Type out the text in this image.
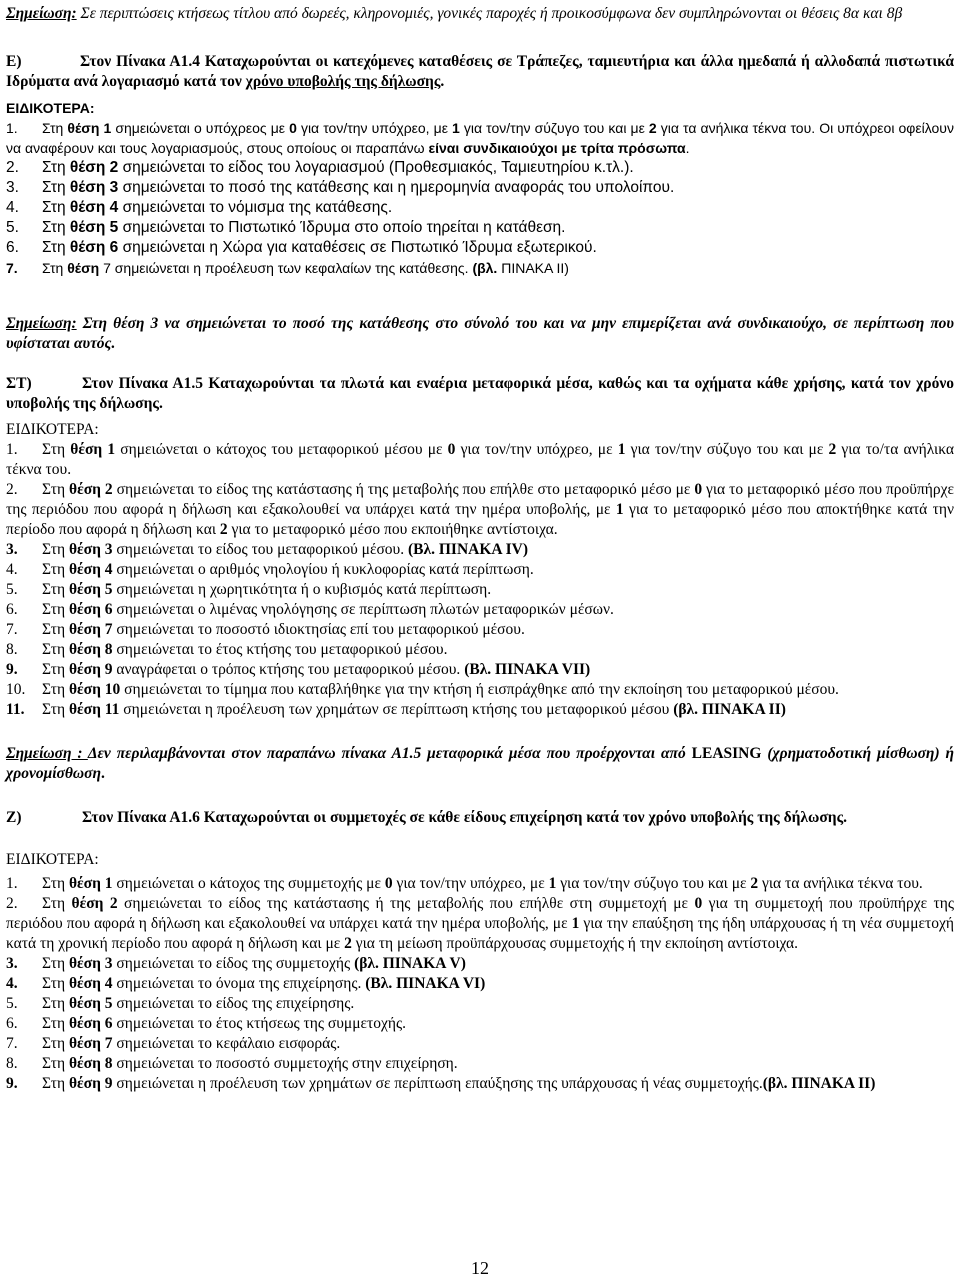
Σημείωση: Σε περιπτώσεις κτήσεως τίτλου από δωρεές, κληρονομιές, γονικές παροχές ή προικοσύμφωνα δεν συμπληρώνονται οι θέσεις 8α και 8β

Ε)	Στον Πίνακα Α1.4 Καταχωρούνται οι κατεχόμενες καταθέσεις σε Τράπεζες, ταμιευτήρια και άλλα ημεδαπά ή αλλοδαπά πιστωτικά Ιδρύματα ανά λογαριασμό κατά τον χρόνο υποβολής της δήλωσης.

ΕΙΔΙΚΟΤΕΡΑ:
1. Στη θέση 1 σημειώνεται ο υπόχρεος με 0 για τον/την υπόχρεο, με 1 για τον/την σύζυγο του και με 2 για τα ανήλικα τέκνα του. Οι υπόχρεοι οφείλουν να αναφέρουν και τους λογαριασμούς, στους οποίους οι παραπάνω είναι συνδικαιούχοι με τρίτα πρόσωπα.
2. Στη θέση 2 σημειώνεται το είδος του λογαριασμού (Προθεσμιακός, Ταμιευτηρίου κ.τλ.).
3. Στη θέση 3 σημειώνεται το ποσό της κατάθεσης και η ημερομηνία αναφοράς του υπολοίπου.
4. Στη θέση 4 σημειώνεται το νόμισμα της κατάθεσης.
5. Στη θέση 5 σημειώνεται το Πιστωτικό Ίδρυμα στο οποίο τηρείται η κατάθεση.
6. Στη θέση 6 σημειώνεται η Χώρα για καταθέσεις σε Πιστωτικό Ίδρυμα εξωτερικού.
7. Στη θέση 7 σημειώνεται η προέλευση των κεφαλαίων της κατάθεσης. (βλ. ΠΙΝΑΚΑ ΙΙ)

Σημείωση: Στη θέση 3 να σημειώνεται το ποσό της κατάθεσης στο σύνολό του και να μην επιμερίζεται ανά συνδικαιούχο, σε περίπτωση που υφίσταται αυτός.

ΣΤ)	Στον Πίνακα Α1.5 Καταχωρούνται τα πλωτά και εναέρια μεταφορικά μέσα, καθώς και τα οχήματα κάθε χρήσης, κατά τον χρόνο υποβολής της δήλωσης.

ΕΙΔΙΚΟΤΕΡΑ:

1. Στη θέση 1 σημειώνεται ο κάτοχος του μεταφορικού μέσου με 0 για τον/την υπόχρεο, με 1 για τον/την σύζυγο του και με 2 για το/τα ανήλικα τέκνα του.

2. Στη θέση 2 σημειώνεται το είδος της κατάστασης ή της μεταβολής που επήλθε στο μεταφορικό μέσο με 0 για το μεταφορικό μέσο που προϋπήρχε της περιόδου που αφορά η δήλωση και εξακολουθεί να υπάρχει κατά την ημέρα υποβολής, με 1 για το μεταφορικό μέσο που αποκτήθηκε κατά την περίοδο που αφορά η δήλωση και 2 για το μεταφορικό μέσο που εκποιήθηκε αντίστοιχα.

3. Στη θέση 3 σημειώνεται το είδος του μεταφορικού μέσου. (Βλ. ΠΙΝΑΚΑ IV)

4. Στη θέση 4 σημειώνεται ο αριθμός νηολογίου ή κυκλοφορίας κατά περίπτωση.
5. Στη θέση 5 σημειώνεται η χωρητικότητα ή ο κυβισμός κατά περίπτωση.
6. Στη θέση 6 σημειώνεται ο λιμένας νηολόγησης σε περίπτωση πλωτών μεταφορικών μέσων.
7. Στη θέση 7 σημειώνεται το ποσοστό ιδιοκτησίας επί του μεταφορικού μέσου.
8. Στη θέση 8 σημειώνεται το έτος κτήσης του μεταφορικού μέσου.

9. Στη θέση 9 αναγράφεται ο τρόπος κτήσης του μεταφορικού μέσου. (Βλ. ΠΙΝΑΚΑ VII)

10. Στη θέση 10 σημειώνεται το τίμημα που καταβλήθηκε για την κτήση ή εισπράχθηκε από την εκποίηση του μεταφορικού μέσου.

11. Στη θέση 11 σημειώνεται η προέλευση των χρημάτων σε περίπτωση κτήσης του μεταφορικού μέσου (βλ. ΠΙΝΑΚΑ ΙΙ)

Σημείωση : Δεν περιλαμβάνονται στον παραπάνω πίνακα Α1.5 μεταφορικά μέσα που προέρχονται από LEASING (χρηματοδοτική μίσθωση) ή χρονομίσθωση.

Ζ)	Στον Πίνακα Α1.6 Καταχωρούνται οι συμμετοχές σε κάθε είδους επιχείρηση κατά τον χρόνο υποβολής της δήλωσης.

ΕΙΔΙΚΟΤΕΡΑ:

1. Στη θέση 1 σημειώνεται ο κάτοχος της συμμετοχής με 0 για τον/την υπόχρεο, με 1 για τον/την σύζυγο του και με 2 για τα ανήλικα τέκνα του.

2. Στη θέση 2 σημειώνεται το είδος της κατάστασης ή της μεταβολής που επήλθε στη συμμετοχή με 0 για τη συμμετοχή που προϋπήρχε της περιόδου που αφορά η δήλωση και εξακολουθεί να υπάρχει κατά την ημέρα υποβολής, με 1 για την επαύξηση της ήδη υπάρχουσας ή τη νέα συμμετοχή κατά τη χρονική περίοδο που αφορά η δήλωση και με 2 για τη μείωση προϋπάρχουσας συμμετοχής ή την εκποίηση αντίστοιχα.

3. Στη θέση 3 σημειώνεται το είδος της συμμετοχής (βλ. ΠΙΝΑΚΑ V)

4. Στη θέση 4 σημειώνεται το όνομα της επιχείρησης. (Βλ. ΠΙΝΑΚΑ VI)

5. Στη θέση 5 σημειώνεται το είδος της επιχείρησης.
6. Στη θέση 6 σημειώνεται το έτος κτήσεως της συμμετοχής.
7. Στη θέση 7 σημειώνεται το κεφάλαιο εισφοράς.
8. Στη θέση 8 σημειώνεται το ποσοστό συμμετοχής στην επιχείρηση.

9. Στη θέση 9 σημειώνεται η προέλευση των χρημάτων σε περίπτωση επαύξησης της υπάρχουσας ή νέας συμμετοχής.(βλ. ΠΙΝΑΚΑ ΙΙ)

12
